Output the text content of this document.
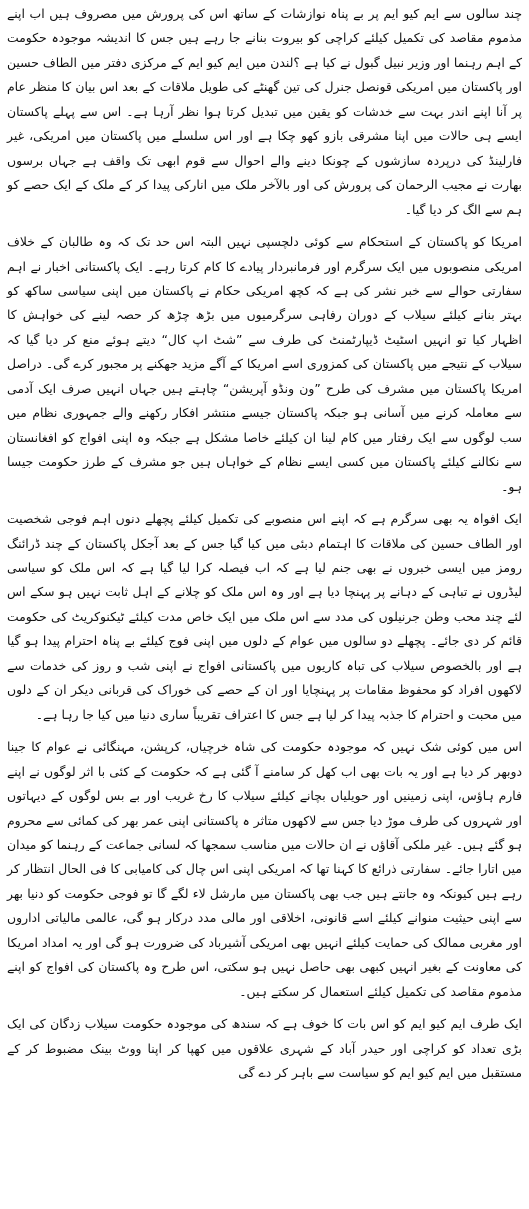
چند سالوں سے ایم کیو ایم پر بے پناہ نوازشات کے ساتھ اس کی پرورش میں مصروف ہیں اب اپنے مذموم مقاصد کی تکمیل کیلئے کراچی کو بیروت بنانے جا رہے ہیں جس کا اندیشہ موجودہ حکومت کے اہم رہنما اور وزیر نبیل گبول نے کیا ہے ؟لندن میں ایم کیو ایم کے مرکزی دفتر میں الطاف حسین اور پاکستان میں امریکی قونصل جنرل کی تین گھنٹے کی طویل ملاقات کے بعد اس بیان کا منظر عام پر آنا اپنے اندر بہت سے خدشات کو یقین میں تبدیل کرتا ہوا نظر آرہا ہے۔ اس سے پہلے پاکستان ایسے ہی حالات میں اپنا مشرقی بازو کھو چکا ہے اور اس سلسلے میں پاکستان میں امریکی، غیر فارلینڈ کی درپردہ سازشوں کے چونکا دینے والے احوال سے قوم ابھی تک واقف ہے جہاں برسوں بھارت نے مجیب الرحمان کی پرورش کی اور بالآخر ملک میں انارکی پیدا کر کے ملک کے ایک حصے کو ہم سے الگ کر دیا گیا۔

امریکا کو پاکستان کے استحکام سے کوئی دلچسپی نہیں البتہ اس حد تک کہ وہ طالبان کے خلاف امریکی منصوبوں میں ایک سرگرم اور فرمانبردار پیادے کا کام کرتا رہے۔ ایک پاکستانی اخبار نے اہم سفارتی حوالے سے خبر نشر کی ہے کہ کچھ امریکی حکام نے پاکستان میں اپنی سیاسی ساکھ کو بہتر بنانے کیلئے سیلاب کے دوران رفاہی سرگرمیوں میں بڑھ چڑھ کر حصہ لینے کی خواہش کا اظہار کیا تو انہیں اسٹیٹ ڈیپارٹمنٹ کی طرف سے ”شٹ اپ کال“ دیتے ہوئے منع کر دیا گیا کہ سیلاب کے نتیجے میں پاکستان کی کمزوری اسے امریکا کے آگے مزید جھکنے پر مجبور کرے گی۔ دراصل امریکا پاکستان میں مشرف کی طرح ”ون ونڈو آپریشن“ چاہتے ہیں جہاں انہیں صرف ایک آدمی سے معاملہ کرنے میں آسانی ہو جبکہ پاکستان جیسے منتشر افکار رکھنے والے جمہوری نظام میں سب لوگوں سے ایک رفتار میں کام لینا ان کیلئے خاصا مشکل ہے جبکہ وہ اپنی افواج کو افغانستان سے نکالنے کیلئے پاکستان میں کسی ایسے نظام کے خواہاں ہیں جو مشرف کے طرز حکومت جیسا ہو۔

ایک افواہ یہ بھی سرگرم ہے کہ اپنے اس منصوبے کی تکمیل کیلئے پچھلے دنوں اہم فوجی شخصیت اور الطاف حسین کی ملاقات کا اہتمام دبئی میں کیا گیا جس کے بعد آجکل پاکستان کے چند ڈرائنگ رومز میں ایسی خبروں نے بھی جنم لیا ہے کہ اب فیصلہ کرا لیا گیا ہے کہ اس ملک کو سیاسی لیڈروں نے تباہی کے دہانے پر پہنچا دیا ہے اور وہ اس ملک کو چلانے کے اہل ثابت نہیں ہو سکے اس لئے چند محب وطن جرنیلوں کی مدد سے اس ملک میں ایک خاص مدت کیلئے ٹیکنوکریٹ کی حکومت قائم کر دی جائے۔ پچھلے دو سالوں میں عوام کے دلوں میں اپنی فوج کیلئے بے پناہ احترام پیدا ہو گیا ہے اور بالخصوص سیلاب کی تباہ کاریوں میں پاکستانی افواج نے اپنی شب و روز کی خدمات سے لاکھوں افراد کو محفوظ مقامات پر پہنچایا اور ان کے حصے کی خوراک کی قربانی دیکر ان کے دلوں میں محبت و احترام کا جذبہ پیدا کر لیا ہے جس کا اعتراف تقریباً ساری دنیا میں کیا جا رہا ہے۔

اس میں کوئی شک نہیں کہ موجودہ حکومت کی شاہ خرچیاں، کرپشن، مہنگائی نے عوام کا جینا دوبھر کر دیا ہے اور یہ بات بھی اب کھل کر سامنے آ گئی ہے کہ حکومت کے کئی با اثر لوگوں نے اپنے فارم ہاؤس، اپنی زمینیں اور حویلیاں بچانے کیلئے سیلاب کا رخ غریب اور بے بس لوگوں کے دیہاتوں اور شہروں کی طرف موڑ دیا جس سے لاکھوں متاثر ہ پاکستانی اپنی عمر بھر کی کمائی سے محروم ہو گئے ہیں۔ غیر ملکی آقاؤں نے ان حالات میں مناسب سمجھا کہ لسانی جماعت کے رہنما کو میدان میں اتارا جائے۔ سفارتی ذرائع کا کہنا تھا کہ امریکی اپنی اس چال کی کامیابی کا فی الحال انتظار کر رہے ہیں کیونکہ وہ جانتے ہیں جب بھی پاکستان میں مارشل لاء لگے گا تو فوجی حکومت کو دنیا بھر سے اپنی حیثیت منوانے کیلئے اسے قانونی، اخلاقی اور مالی مدد درکار ہو گی، عالمی مالیاتی اداروں اور مغربی ممالک کی حمایت کیلئے انہیں بھی امریکی آشیرباد کی ضرورت ہو گی اور یہ امداد امریکا کی معاونت کے بغیر انہیں کبھی بھی حاصل نہیں ہو سکتی، اس طرح وہ پاکستان کی افواج کو اپنے مذموم مقاصد کی تکمیل کیلئے استعمال کر سکتے ہیں۔

ایک طرف ایم کیو ایم کو اس بات کا خوف ہے کہ سندھ کی موجودہ حکومت سیلاب زدگان کی ایک بڑی تعداد کو کراچی اور حیدر آباد کے شہری علاقوں میں کھپا کر اپنا ووٹ بینک مضبوط کر کے مستقبل میں ایم کیو ایم کو سیاست سے باہر کر دے گی
